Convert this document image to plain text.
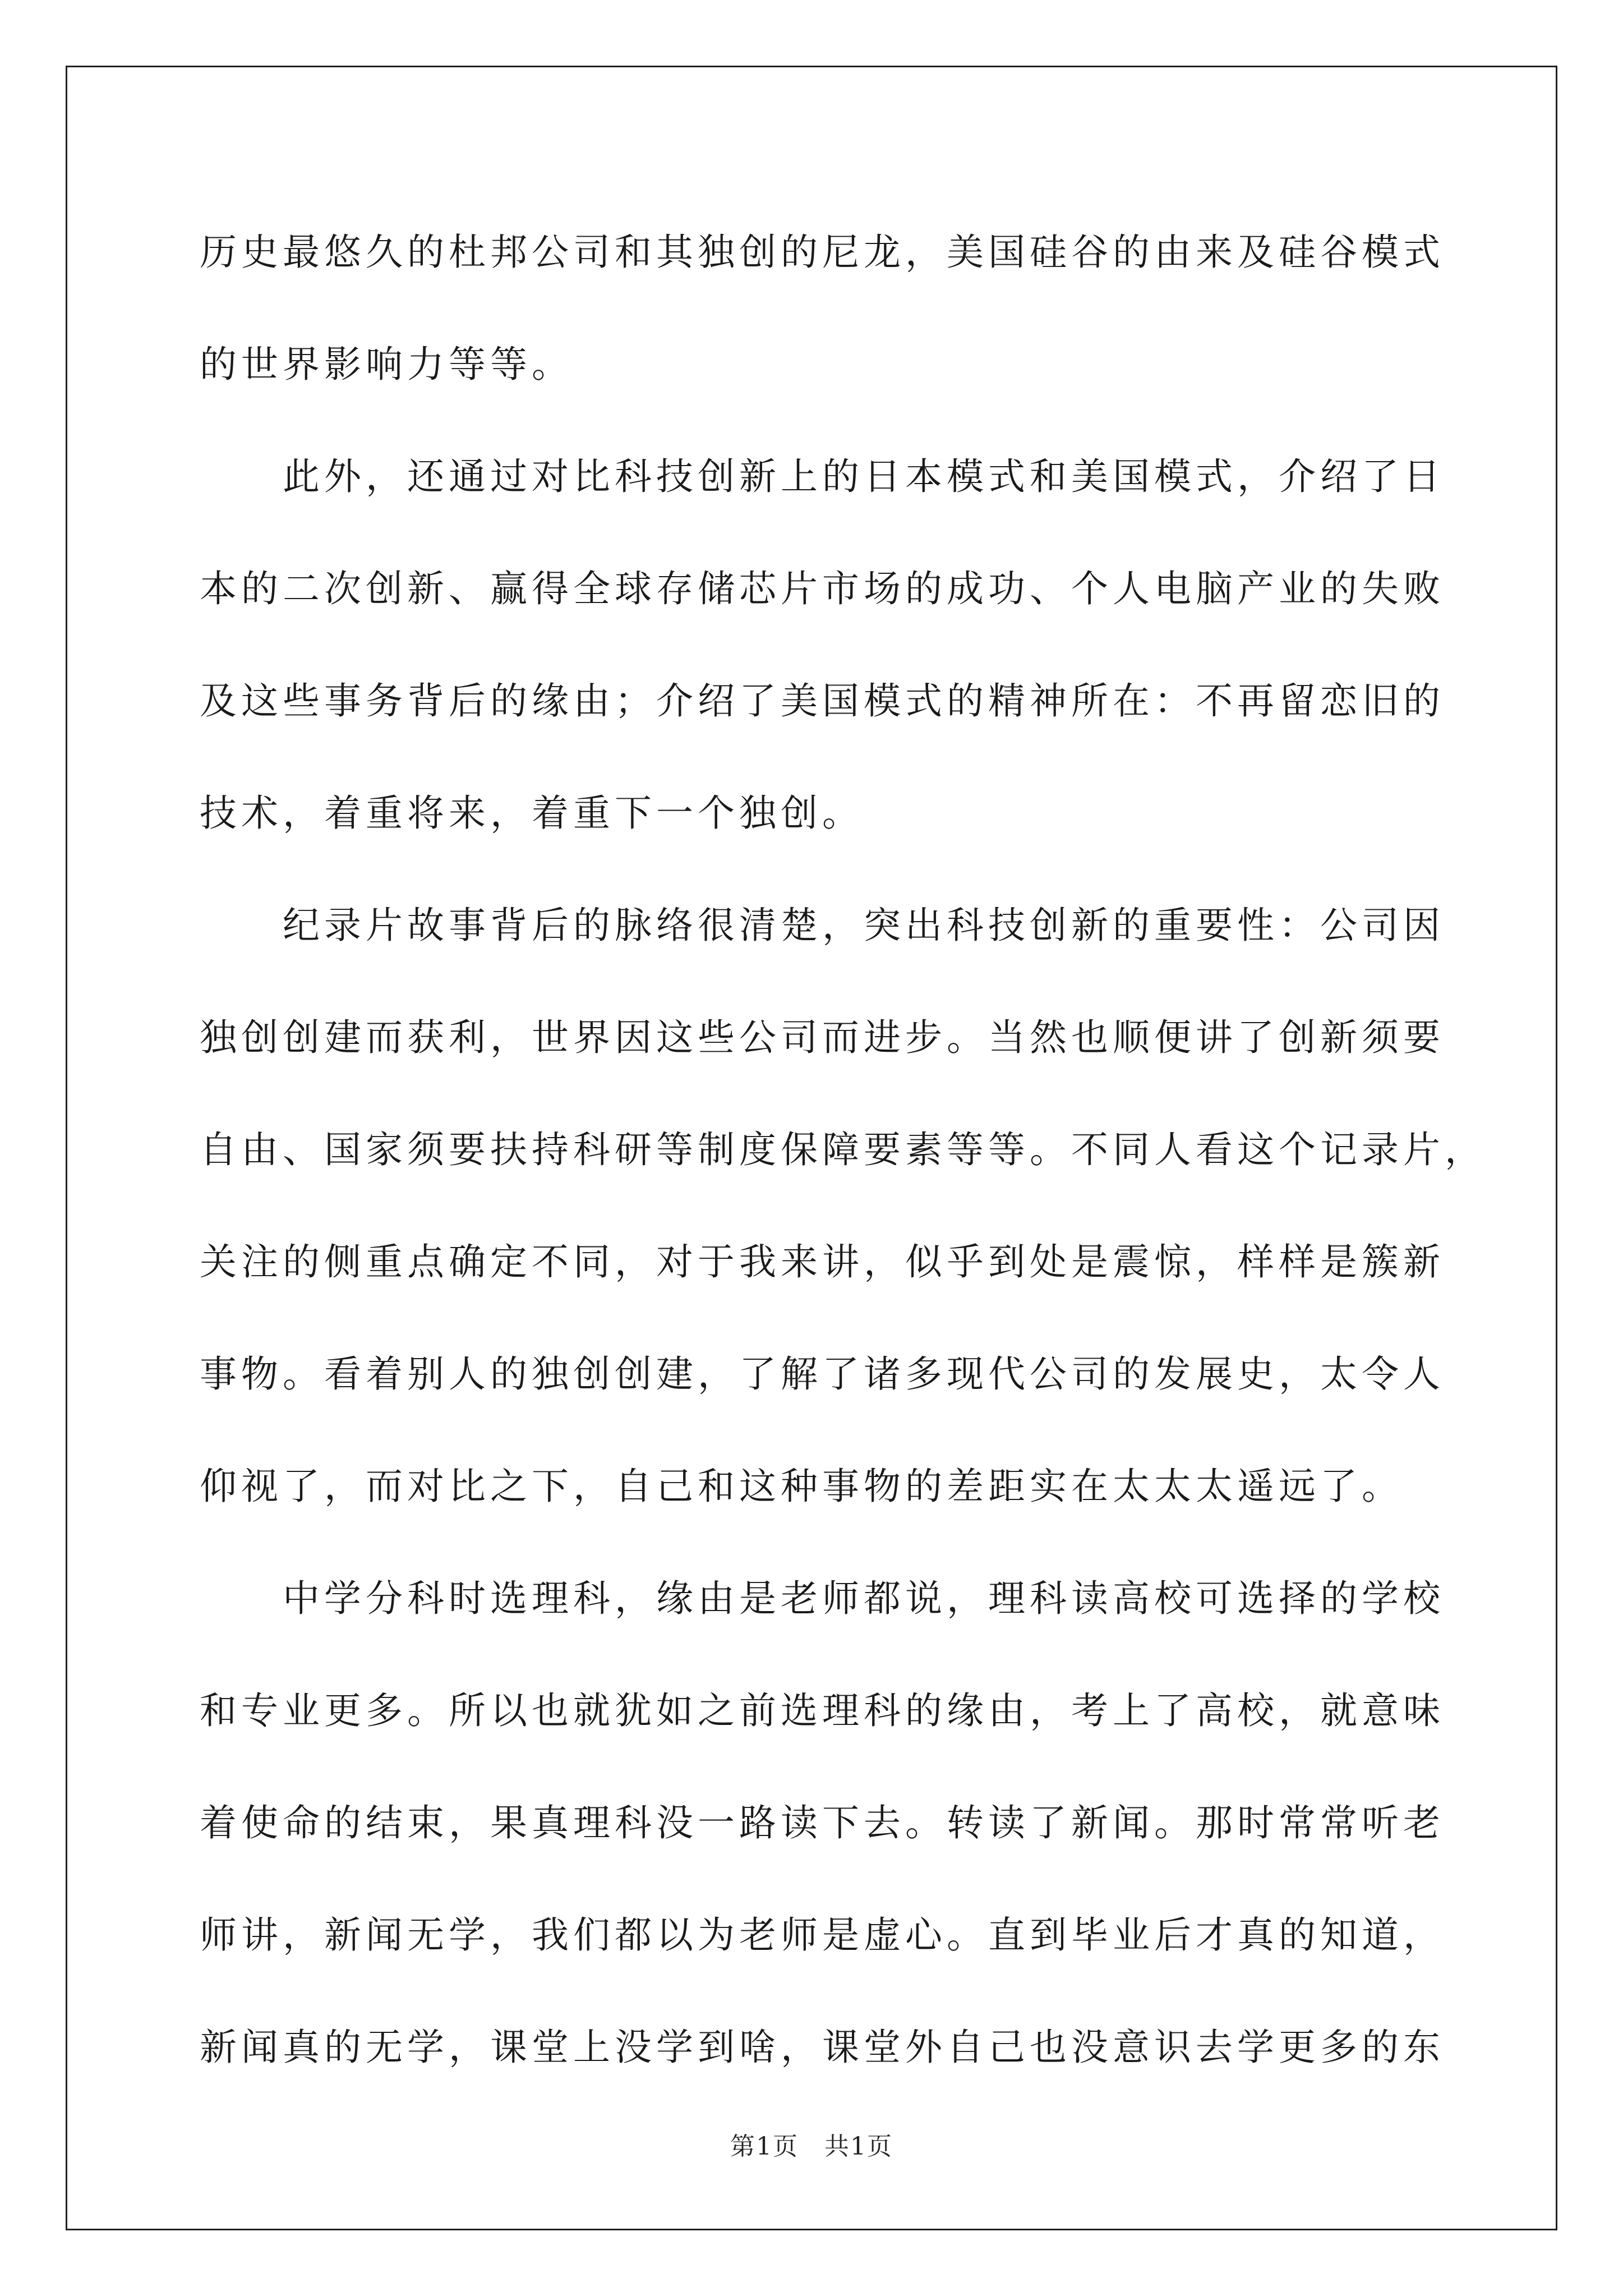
历史最悠久的杜邦公司和其独创的尼龙，美国硅谷的由来及硅谷模式
的世界影响力等等。
　　此外，还通过对比科技创新上的日本模式和美国模式，介绍了日
本的二次创新、赢得全球存储芯片市场的成功、个人电脑产业的失败
及这些事务背后的缘由；介绍了美国模式的精神所在：不再留恋旧的
技术，着重将来，着重下一个独创。
　　纪录片故事背后的脉络很清楚，突出科技创新的重要性：公司因
独创创建而获利，世界因这些公司而进步。当然也顺便讲了创新须要
自由、国家须要扶持科研等制度保障要素等等。不同人看这个记录片，
关注的侧重点确定不同，对于我来讲，似乎到处是震惊，样样是簇新
事物。看着别人的独创创建，了解了诸多现代公司的发展史，太令人
仰视了，而对比之下，自己和这种事物的差距实在太太太遥远了。
　　中学分科时选理科，缘由是老师都说，理科读高校可选择的学校
和专业更多。所以也就犹如之前选理科的缘由，考上了高校，就意味
着使命的结束，果真理科没一路读下去。转读了新闻。那时常常听老
师讲，新闻无学，我们都以为老师是虚心。直到毕业后才真的知道，
新闻真的无学，课堂上没学到啥，课堂外自己也没意识去学更多的东
第1页　共1页
